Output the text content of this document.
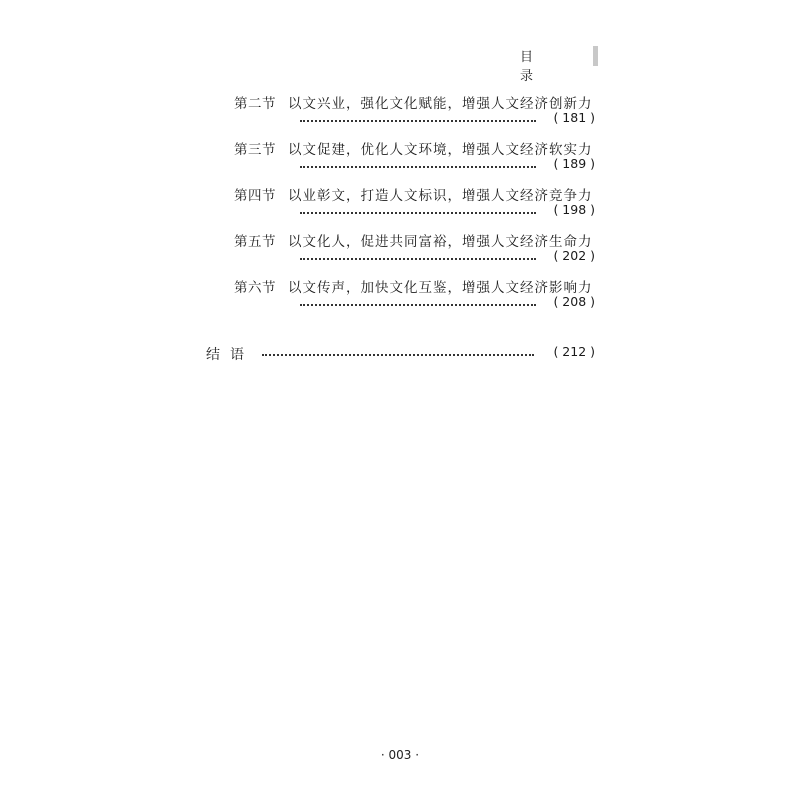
目 录
第二节 以文兴业，强化文化赋能，增强人文经济创新力
( 181 )
第三节 以文促建，优化人文环境，增强人文经济软实力
( 189 )
第四节 以业彰文，打造人文标识，增强人文经济竞争力
( 198 )
第五节 以文化人，促进共同富裕，增强人文经济生命力
( 202 )
第六节 以文传声，加快文化互鉴，增强人文经济影响力
( 208 )
结语	( 212 )
· 003 ·
